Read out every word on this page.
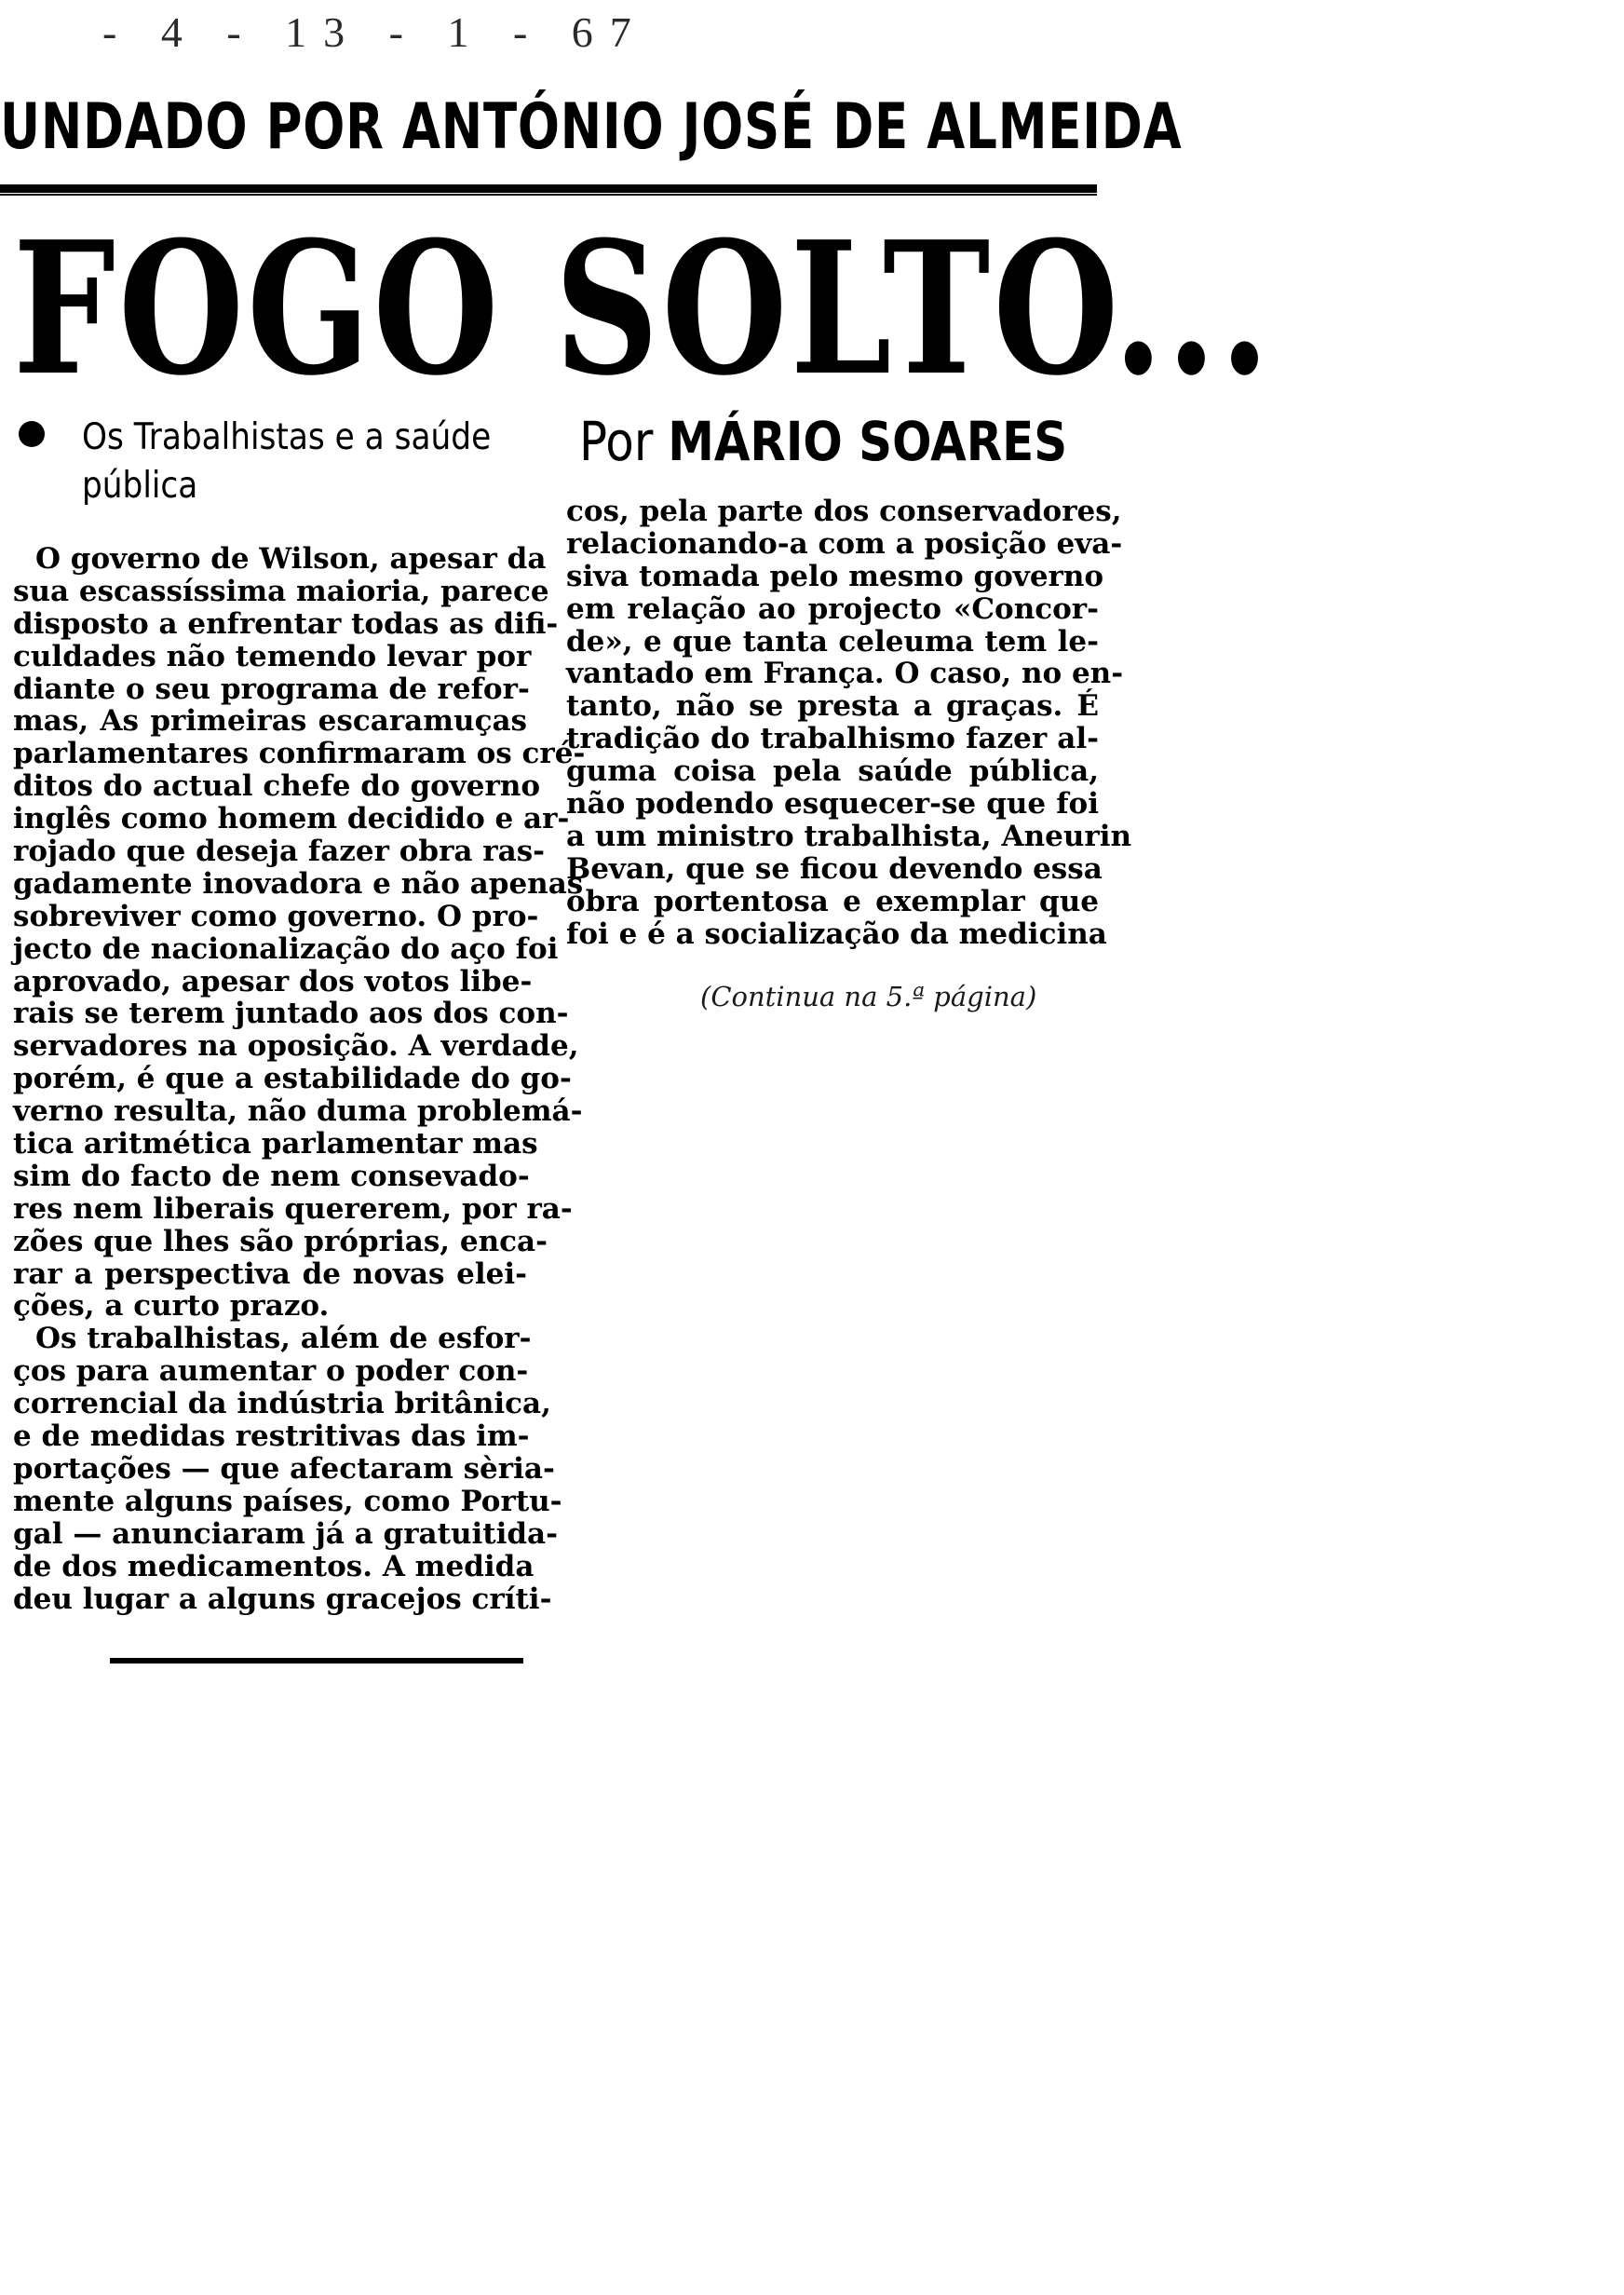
- 4 - 13 - 1 - 67
UNDADO POR ANTÓNIO JOSÉ DE ALMEIDA
FOGO SOLTO...
Os Trabalhistas e a saúde
pública
Por MÁRIO SOARES
O governo de Wilson, apesar da
sua escassíssima maioria, parece
disposto a enfrentar todas as difi-
culdades não temendo levar por
diante o seu programa de refor-
mas, As primeiras escaramuças
parlamentares confirmaram os cré-
ditos do actual chefe do governo
inglês como homem decidido e ar-
rojado que deseja fazer obra ras-
gadamente inovadora e não apenas
sobreviver como governo. O pro-
jecto de nacionalização do aço foi
aprovado, apesar dos votos libe-
rais se terem juntado aos dos con-
servadores na oposição. A verdade,
porém, é que a estabilidade do go-
verno resulta, não duma problemá-
tica aritmética parlamentar mas
sim do facto de nem consevado-
res nem liberais quererem, por ra-
zões que lhes são próprias, enca-
rar a perspectiva de novas elei-
ções, a curto prazo.
Os trabalhistas, além de esfor-
ços para aumentar o poder con-
correncial da indústria britânica,
e de medidas restritivas das im-
portações — que afectaram sèria-
mente alguns países, como Portu-
gal — anunciaram já a gratuitida-
de dos medicamentos. A medida
deu lugar a alguns gracejos críti-
cos, pela parte dos conservadores,
relacionando-a com a posição eva-
siva tomada pelo mesmo governo
em relação ao projecto «Concor-
de», e que tanta celeuma tem le-
vantado em França. O caso, no en-
tanto, não se presta a graças. É
tradição do trabalhismo fazer al-
guma coisa pela saúde pública,
não podendo esquecer-se que foi
a um ministro trabalhista, Aneurin
Bevan, que se ficou devendo essa
obra portentosa e exemplar que
foi e é a socialização da medicina
(Continua na 5.ª página)
